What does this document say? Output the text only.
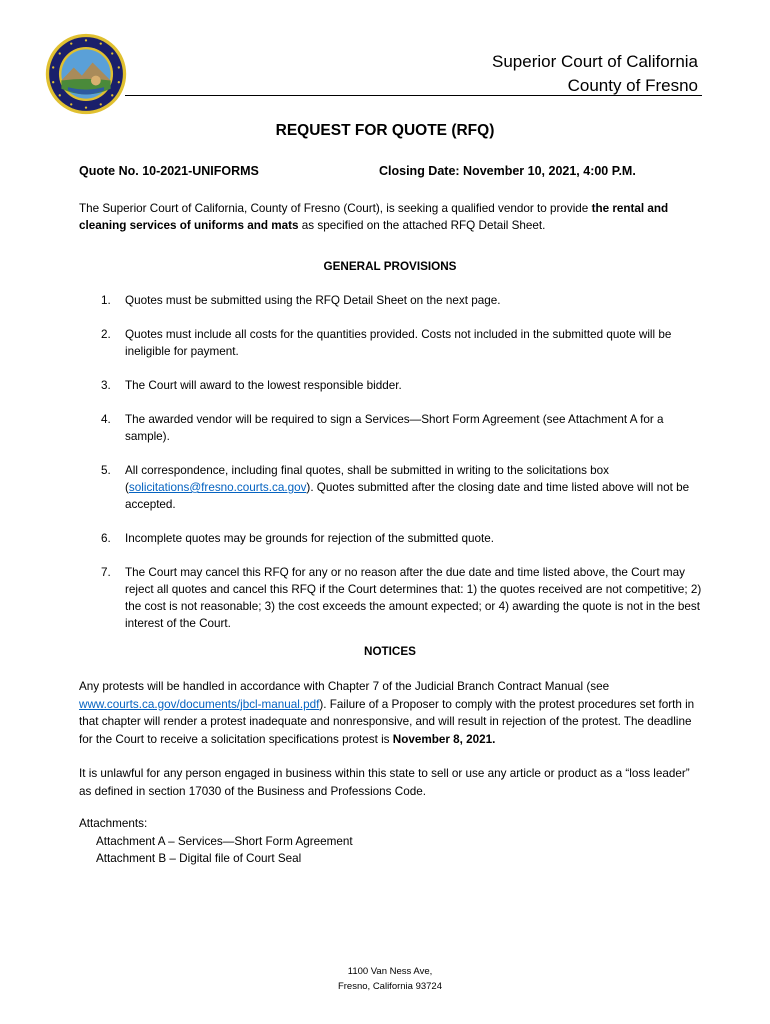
Superior Court of California
County of Fresno
REQUEST FOR QUOTE (RFQ)
Quote No. 10-2021-UNIFORMS	Closing Date: November 10, 2021, 4:00 P.M.
The Superior Court of California, County of Fresno (Court), is seeking a qualified vendor to provide the rental and cleaning services of uniforms and mats as specified on the attached RFQ Detail Sheet.
GENERAL PROVISIONS
1. Quotes must be submitted using the RFQ Detail Sheet on the next page.
2. Quotes must include all costs for the quantities provided. Costs not included in the submitted quote will be ineligible for payment.
3. The Court will award to the lowest responsible bidder.
4. The awarded vendor will be required to sign a Services—Short Form Agreement (see Attachment A for a sample).
5. All correspondence, including final quotes, shall be submitted in writing to the solicitations box (solicitations@fresno.courts.ca.gov). Quotes submitted after the closing date and time listed above will not be accepted.
6. Incomplete quotes may be grounds for rejection of the submitted quote.
7. The Court may cancel this RFQ for any or no reason after the due date and time listed above, the Court may reject all quotes and cancel this RFQ if the Court determines that: 1) the quotes received are not competitive; 2) the cost is not reasonable; 3) the cost exceeds the amount expected; or 4) awarding the quote is not in the best interest of the Court.
NOTICES
Any protests will be handled in accordance with Chapter 7 of the Judicial Branch Contract Manual (see www.courts.ca.gov/documents/jbcl-manual.pdf). Failure of a Proposer to comply with the protest procedures set forth in that chapter will render a protest inadequate and nonresponsive, and will result in rejection of the protest. The deadline for the Court to receive a solicitation specifications protest is November 8, 2021.
It is unlawful for any person engaged in business within this state to sell or use any article or product as a “loss leader” as defined in section 17030 of the Business and Professions Code.
Attachments:
Attachment A – Services—Short Form Agreement
Attachment B – Digital file of Court Seal
1100 Van Ness Ave,
Fresno, California 93724
